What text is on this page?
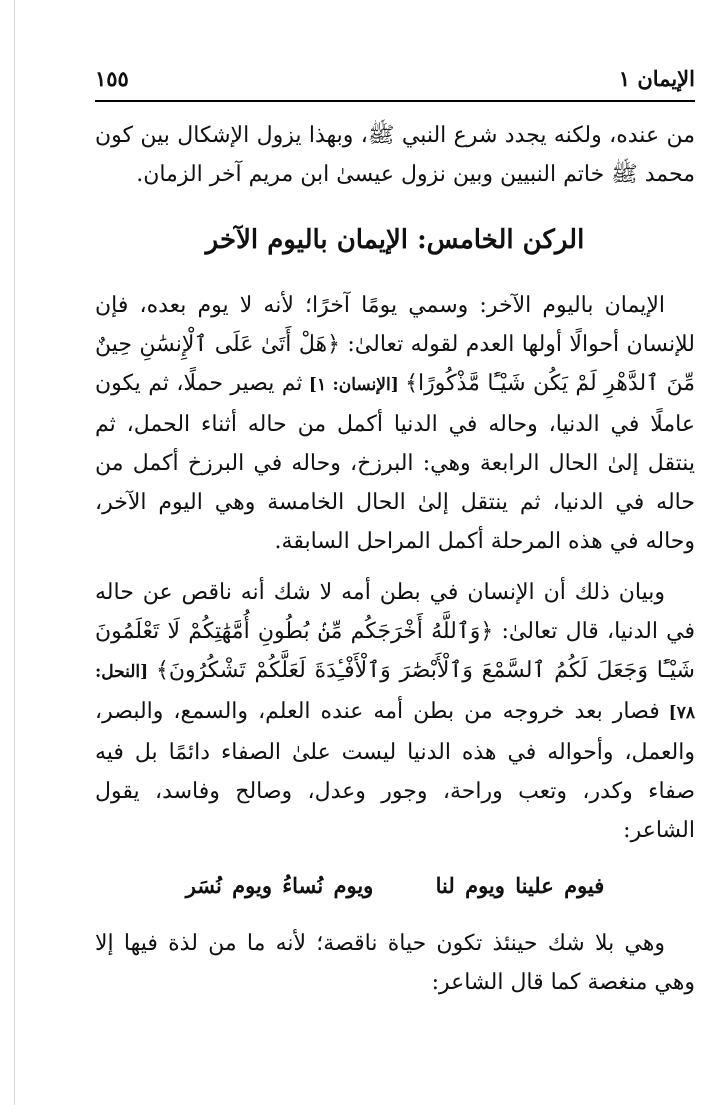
الإيمان ١
١٥٥

من عنده، ولكنه يجدد شرع النبي ﷺ، وبهذا يزول الإشكال بين كون محمد ﷺ خاتم النبيين وبين نزول عيسىٰ ابن مريم آخر الزمان.

الركن الخامس: الإيمان باليوم الآخر

الإيمان باليوم الآخر: وسمي يومًا آخرًا؛ لأنه لا يوم بعده، فإن للإنسان أحوالًا أولها العدم لقوله تعالىٰ: ﴿هَلْ أَتَىٰ عَلَى ٱلْإِنسَٰنِ حِينٌ مِّنَ ٱلدَّهْرِ لَمْ يَكُن شَيْـًٔا مَّذْكُورًا﴾ [الإنسان: ١] ثم يصير حملًا، ثم يكون عاملًا في الدنيا، وحاله في الدنيا أكمل من حاله أثناء الحمل، ثم ينتقل إلىٰ الحال الرابعة وهي: البرزخ، وحاله في البرزخ أكمل من حاله في الدنيا، ثم ينتقل إلىٰ الحال الخامسة وهي اليوم الآخر، وحاله في هذه المرحلة أكمل المراحل السابقة.

وبيان ذلك أن الإنسان في بطن أمه لا شك أنه ناقص عن حاله في الدنيا، قال تعالىٰ: ﴿وَٱللَّهُ أَخْرَجَكُم مِّنۢ بُطُونِ أُمَّهَٰتِكُمْ لَا تَعْلَمُونَ شَيْـًٔا وَجَعَلَ لَكُمُ ٱلسَّمْعَ وَٱلْأَبْصَٰرَ وَٱلْأَفْـِٔدَةَ لَعَلَّكُمْ تَشْكُرُونَ﴾ [النحل: ٧٨] فصار بعد خروجه من بطن أمه عنده العلم، والسمع، والبصر، والعمل، وأحواله في هذه الدنيا ليست علىٰ الصفاء دائمًا بل فيه صفاء وكدر، وتعب وراحة، وجور وعدل، وصالح وفاسد، يقول الشاعر:

فيوم علينا ويوم لنا ويوم نُساءُ ويوم نُسَر

وهي بلا شك حينئذ تكون حياة ناقصة؛ لأنه ما من لذة فيها إلا وهي منغصة كما قال الشاعر:
